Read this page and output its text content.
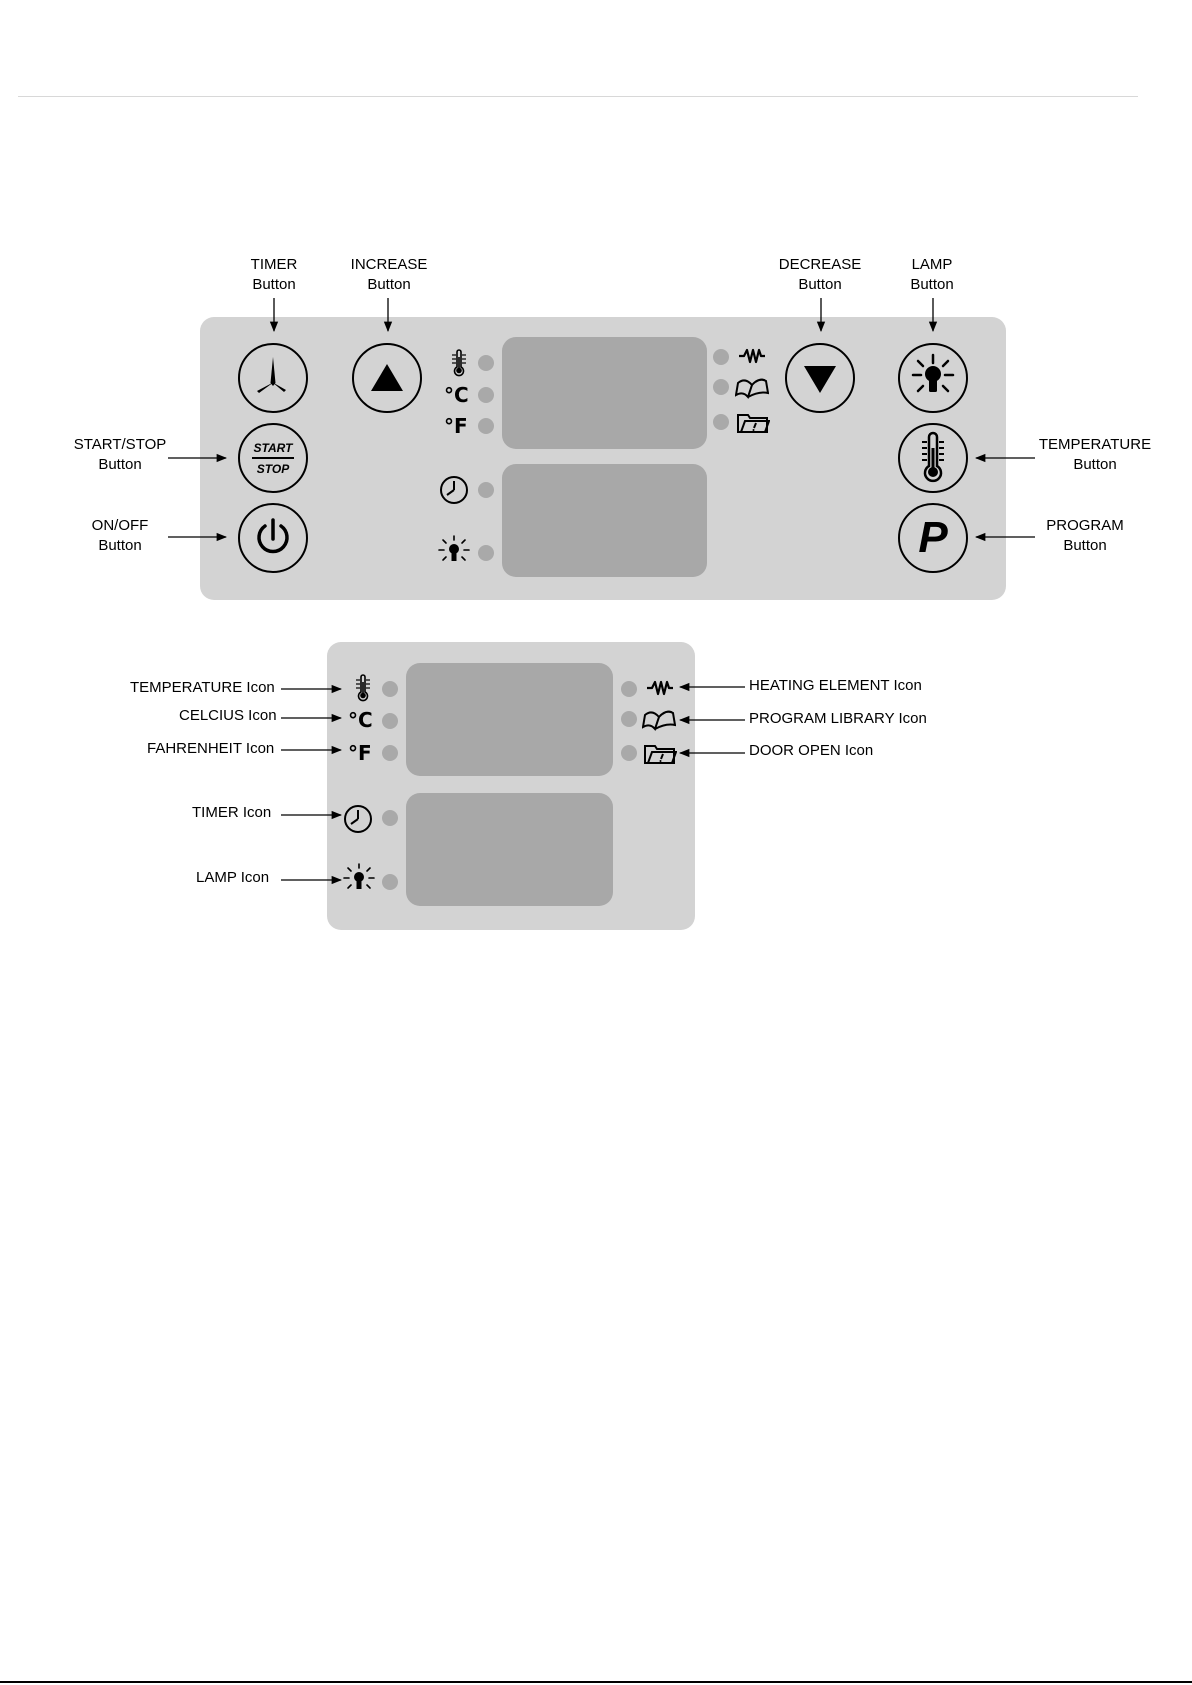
TIMER
Button
INCREASE
Button
DECREASE
Button
LAMP
Button
START/STOP
Button
ON/OFF
Button
TEMPERATURE
Button
PROGRAM
Button
START
STOP
P
°C
°F
°C
°F
TEMPERATURE Icon
CELCIUS Icon
FAHRENHEIT Icon
TIMER Icon
LAMP Icon
HEATING ELEMENT Icon
PROGRAM LIBRARY Icon
DOOR OPEN Icon
